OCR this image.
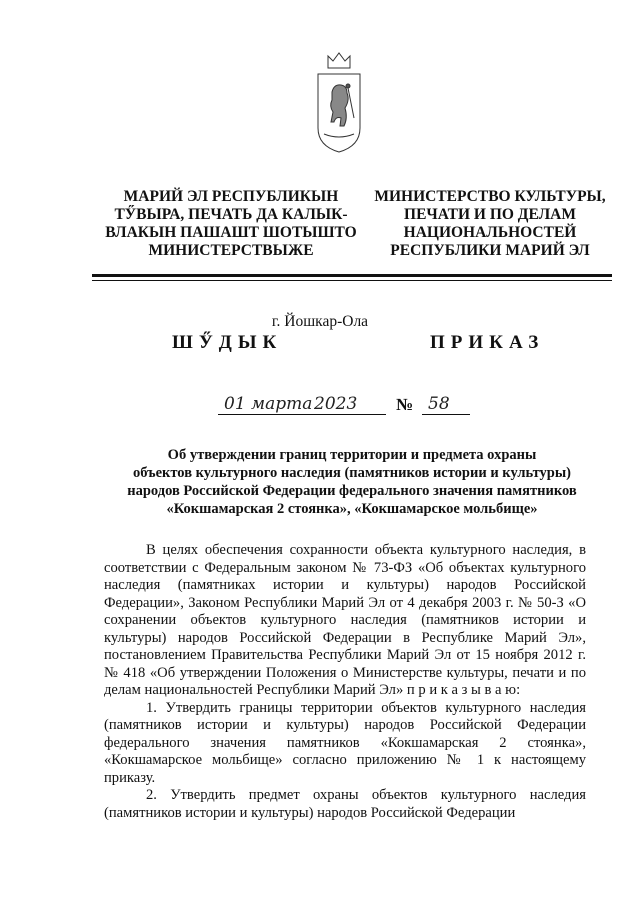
МАРИЙ ЭЛ РЕСПУБЛИКЫН
ТӲВЫРА, ПЕЧАТЬ ДА КАЛЫК-
ВЛАКЫН ПАШАШТ ШОТЫШТО
МИНИСТЕРСТВЫЖЕ
МИНИСТЕРСТВО КУЛЬТУРЫ,
ПЕЧАТИ И ПО ДЕЛАМ
НАЦИОНАЛЬНОСТЕЙ
РЕСПУБЛИКИ МАРИЙ ЭЛ
г. Йошкар-Ола
ШӲДЫК	ПРИКАЗ
01 марта 2023 № 58
Об утверждении границ территории и предмета охраны
объектов культурного наследия (памятников истории и культуры)
народов Российской Федерации федерального значения памятников
«Кокшамарская 2 стоянка», «Кокшамарское мольбище»

В целях обеспечения сохранности объекта культурного наследия, в соответствии с Федеральным законом № 73-ФЗ «Об объектах культурного наследия (памятниках истории и культуры) народов Российской Федерации», Законом Республики Марий Эл от 4 декабря 2003 г. № 50-З «О сохранении объектов культурного наследия (памятников истории и культуры) народов Российской Федерации в Республике Марий Эл», постановлением Правительства Республики Марий Эл от 15 ноября 2012 г. № 418 «Об утверждении Положения о Министерстве культуры, печати и по делам национальностей Республики Марий Эл» п р и к а з ы в а ю:

1. Утвердить границы территории объектов культурного наследия (памятников истории и культуры) народов Российской Федерации федерального значения памятников «Кокшамарская 2 стоянка», «Кокшамарское мольбище» согласно приложению № 1 к настоящему приказу.

2. Утвердить предмет охраны объектов культурного наследия (памятников истории и культуры) народов Российской Федерации
